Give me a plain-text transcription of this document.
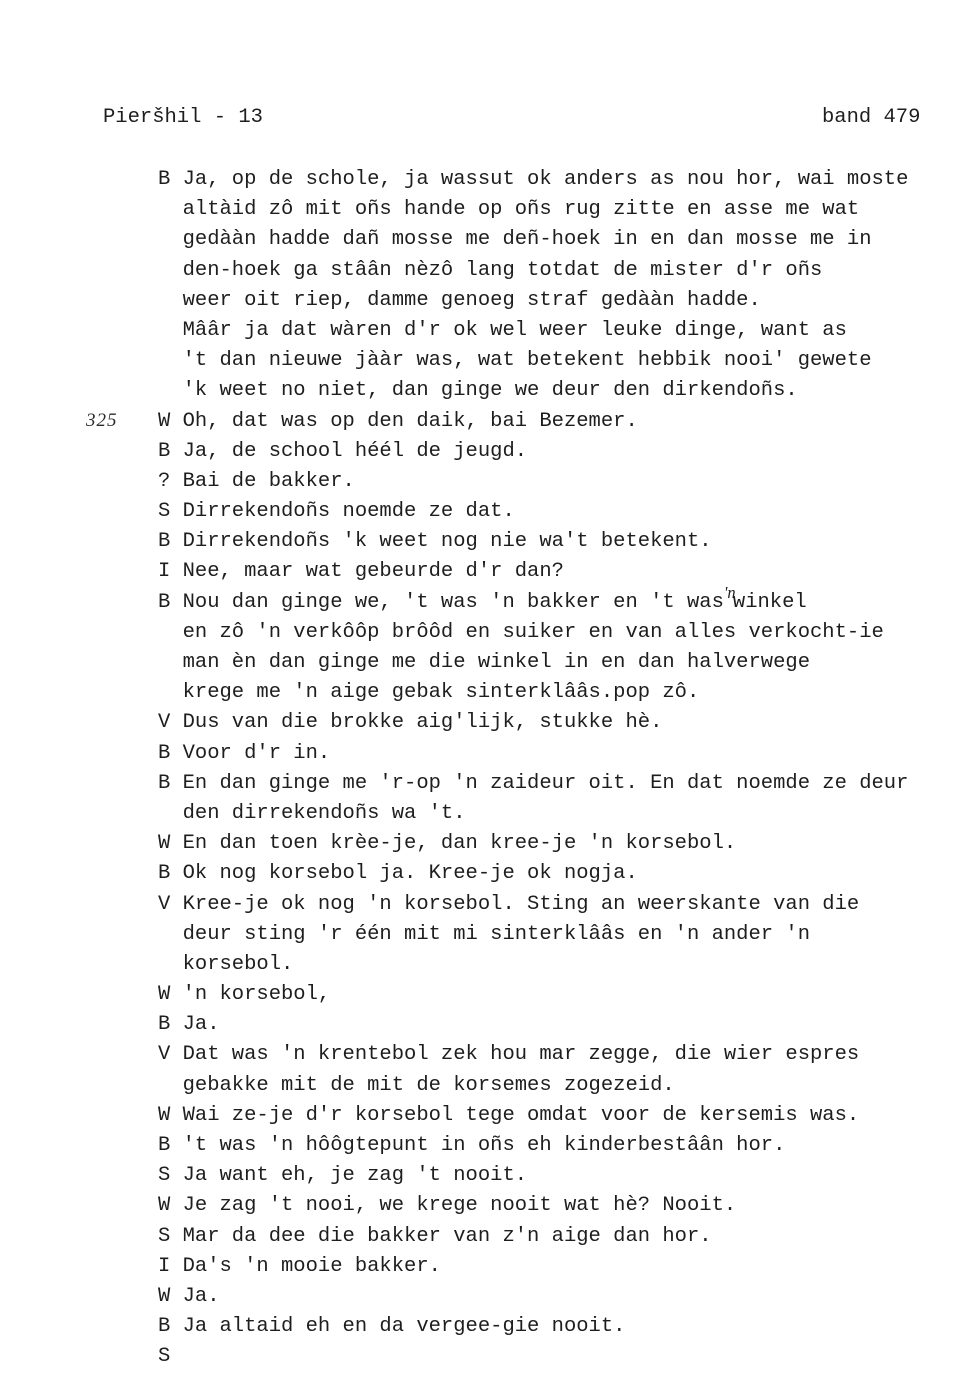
Pieršhil - 13	band 479
325
B Ja, op de schole, ja wassut ok anders as nou hor, wai moste
altàid zô mit oñs hande op oñs rug zitte en asse me wat
gedààn hadde dañ mosse me deñ-hoek in en dan mosse me in
den-hoek ga stâân nèzô lang totdat de mister d'r oñs
weer oit riep, damme genoeg straf gedààn hadde.
Mââr ja dat wàren d'r ok wel weer leuke dinge, want as
't dan nieuwe jààr was, wat betekent hebbik nooi' gewete
'k weet no niet, dan ginge we deur den dirkendoñs.
W Oh, dat was op den daik, bai Bezemer.
B Ja, de school héél de jeugd.
? Bai de bakker.
S Dirrekendoñs noemde ze dat.
B Dirrekendoñs 'k weet nog nie wa't betekent.
I Nee, maar wat gebeurde d'r dan?
B Nou dan ginge we, 't was 'n bakker en 't was'nwinkel
en zô 'n verkôôp brôôd en suiker en van alles verkocht-ie
man èn dan ginge me die winkel in en dan halverwege
krege me 'n aige gebak sinterklââs.pop zô.
V Dus van die brokke aig'lijk, stukke hè.
B Voor d'r in.
B En dan ginge me 'r-op 'n zaideur oit. En dat noemde ze deur
den dirrekendoñs wa 't.
W En dan toen krèe-je, dan kree-je 'n korsebol.
B Ok nog korsebol ja. Kree-je ok nogja.
V Kree-je ok nog 'n korsebol. Sting an weerskante van die
deur sting 'r één mit mi sinterklââs en 'n ander 'n
korsebol.
W 'n korsebol,
B Ja.
V Dat was 'n krentebol zek hou mar zegge, die wier espres
gebakke mit de mit de korsemes zogezeid.
W Wai ze-je d'r korsebol tege omdat voor de kersemis was.
B 't was 'n hôôgtepunt in oñs eh kinderbestâân hor.
S Ja want eh, je zag 't nooit.
W Je zag 't nooi, we krege nooit wat hè? Nooit.
S Mar da dee die bakker van z'n aige dan hor.
I Da's 'n mooie bakker.
W Ja.
B Ja altaid eh en da vergee-gie nooit.
S
